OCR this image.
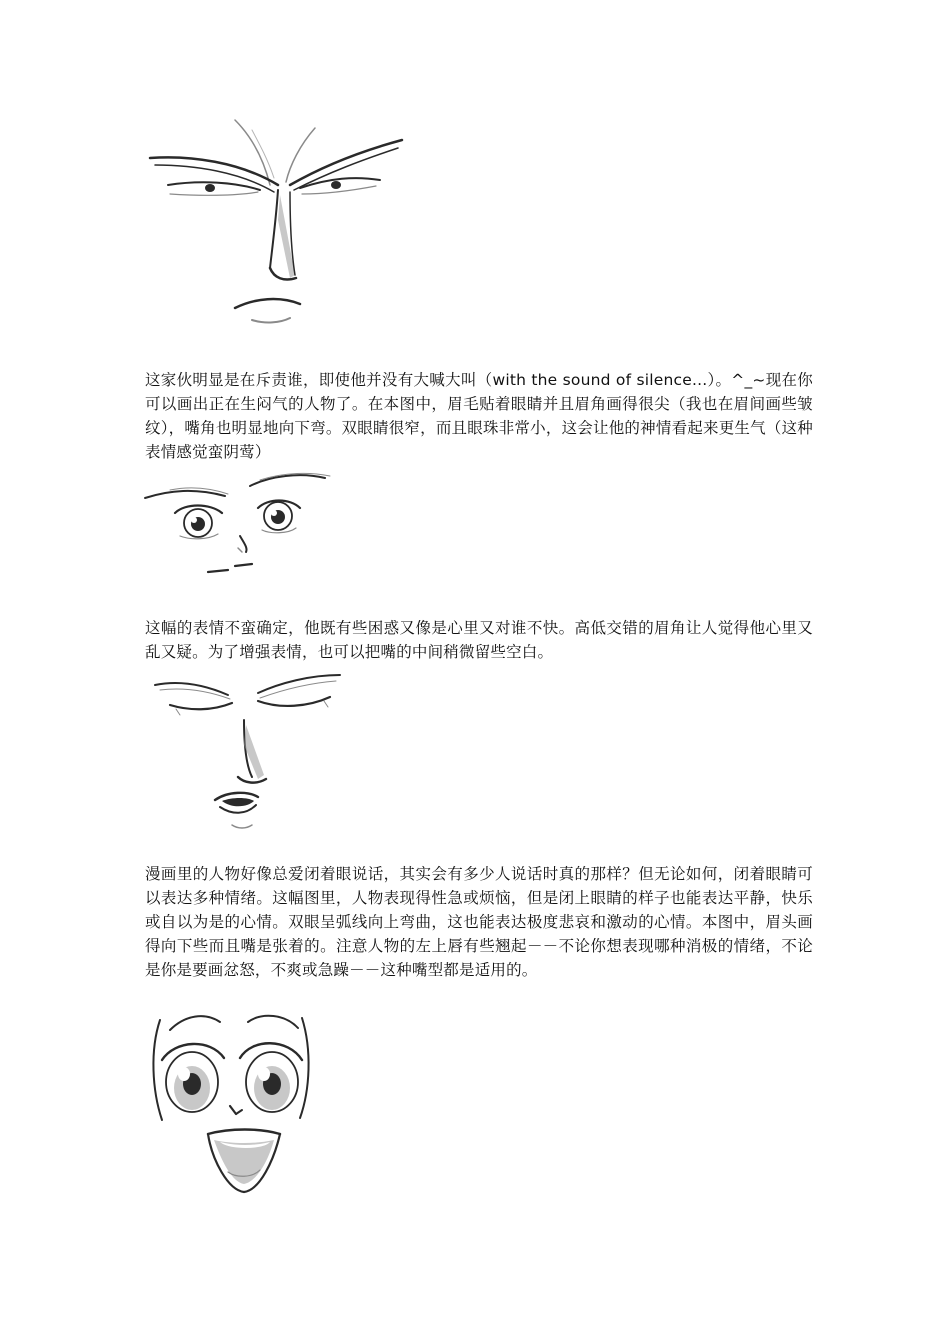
这家伙明显是在斥责谁，即使他并没有大喊大叫（with the sound of silence...）。^_~现在你可以画出正在生闷气的人物了。在本图中，眉毛贴着眼睛并且眉角画得很尖（我也在眉间画些皱纹），嘴角也明显地向下弯。双眼睛很窄，而且眼珠非常小，这会让他的神情看起来更生气（这种表情感觉蛮阴莺）

这幅的表情不蛮确定，他既有些困惑又像是心里又对谁不快。高低交错的眉角让人觉得他心里又乱又疑。为了增强表情，也可以把嘴的中间稍微留些空白。

漫画里的人物好像总爱闭着眼说话，其实会有多少人说话时真的那样？但无论如何，闭着眼睛可以表达多种情绪。这幅图里，人物表现得性急或烦恼，但是闭上眼睛的样子也能表达平静，快乐或自以为是的心情。双眼呈弧线向上弯曲，这也能表达极度悲哀和激动的心情。本图中，眉头画得向下些而且嘴是张着的。注意人物的左上唇有些翘起－－不论你想表现哪种消极的情绪，不论是你是要画忿怒，不爽或急躁－－这种嘴型都是适用的。
